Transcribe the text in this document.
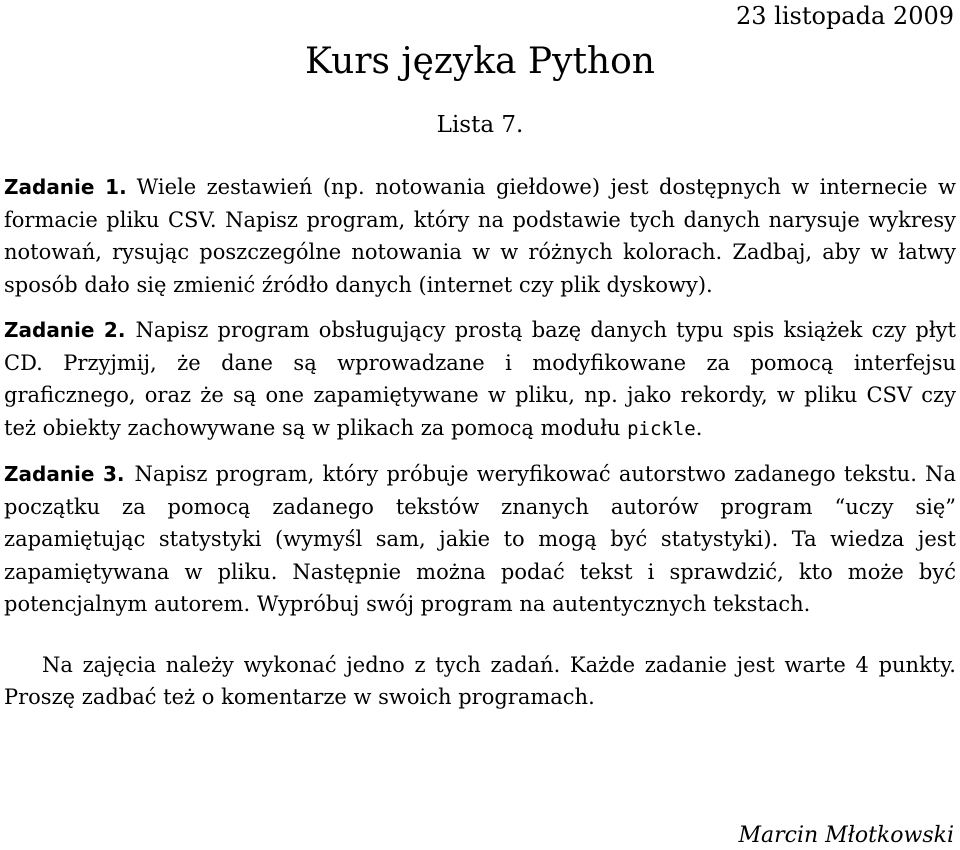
23 listopada 2009
Kurs języka Python
Lista 7.

Zadanie 1. Wiele zestawień (np. notowania giełdowe) jest dostępnych w internecie w formacie pliku CSV. Napisz program, który na podstawie tych danych narysuje wykresy notowań, rysując poszczególne notowania w w różnych kolorach. Zadbaj, aby w łatwy sposób dało się zmienić źródło danych (internet czy plik dyskowy).

Zadanie 2. Napisz program obsługujący prostą bazę danych typu spis książek czy płyt CD. Przyjmij, że dane są wprowadzane i modyfikowane za pomocą interfejsu graficznego, oraz że są one zapamiętywane w pliku, np. jako rekordy, w pliku CSV czy też obiekty zachowywane są w plikach za pomocą modułu pickle.

Zadanie 3. Napisz program, który próbuje weryfikować autorstwo zadanego tekstu. Na początku za pomocą zadanego tekstów znanych autorów program “uczy się” zapamiętując statystyki (wymyśl sam, jakie to mogą być statystyki). Ta wiedza jest zapamiętywana w pliku. Następnie można podać tekst i sprawdzić, kto może być potencjalnym autorem. Wypróbuj swój program na autentycznych tekstach.

Na zajęcia należy wykonać jedno z tych zadań. Każde zadanie jest warte 4 punkty. Proszę zadbać też o komentarze w swoich programach.

Marcin Młotkowski
